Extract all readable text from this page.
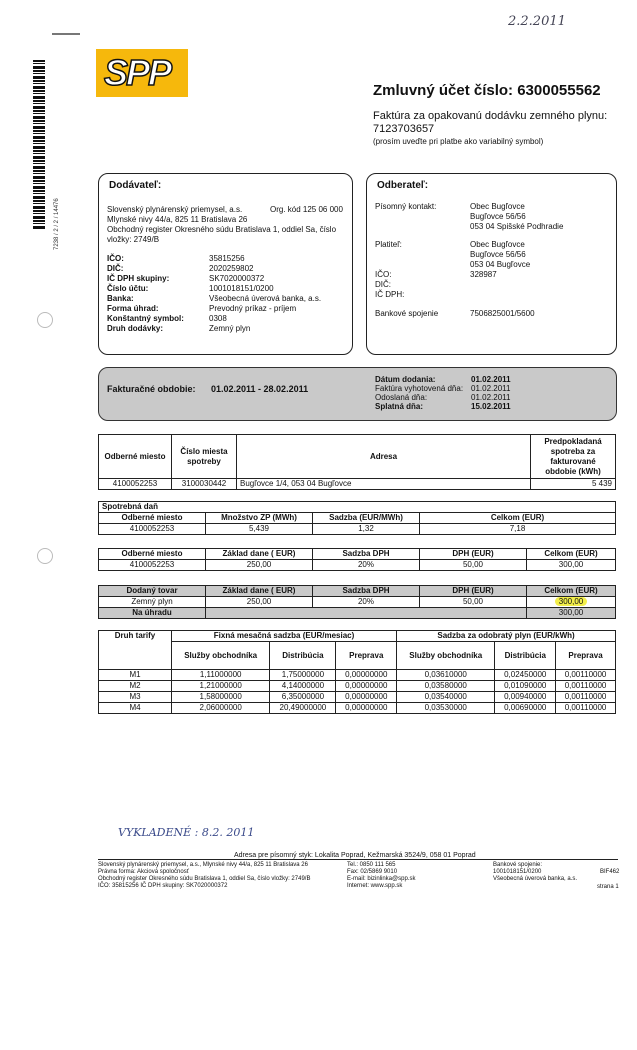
2.2.2011
7238 / 2 / 2 / 14476
SPP	Zmluvný účet číslo: 6300055562
Faktúra za opakovanú dodávku zemného plynu: 7123703657
(prosím uveďte pri platbe ako variabilný symbol)
Dodávateľ:
Slovenský plynárenský priemysel, a.s.	Org. kód 125 06 000
Mlynské nivy 44/a, 825 11 Bratislava 26
Obchodný register Okresného súdu Bratislava 1, oddiel Sa, číslo vložky: 2749/B
IČO:	35815256
DIČ:	2020259802
IČ DPH skupiny:	SK7020000372
Číslo účtu:	1001018151/0200
Banka:	Všeobecná úverová banka, a.s.
Forma úhrad:	Prevodný príkaz - príjem
Konštantný symbol:	0308
Druh dodávky:	Zemný plyn
Odberateľ:
Písomný kontakt:	Obec Bugľovce
Bugľovce 56/56
053 04 Spišské Podhradie
Platiteľ:	Obec Bugľovce
Bugľovce 56/56
053 04 Bugľovce
IČO:	328987
DIČ:
IČ DPH:
Bankové spojenie	7506825001/5600
Fakturačné obdobie: 01.02.2011 - 28.02.2011
Dátum dodania:	01.02.2011
Faktúra vyhotovená dňa: 01.02.2011
Odoslaná dňa:	01.02.2011
Splatná dňa:	15.02.2011
Odberné miesto	Číslo miesta spotreby	Adresa	Predpokladaná spotreba za fakturované obdobie (kWh)
4100052253	3100030442	Bugľovce 1/4, 053 04 Bugľovce	5 439
Spotrebná daň			
Odberné miesto	Množstvo ZP (MWh)	Sadzba (EUR/MWh)	Celkom (EUR)
4100052253	5,439	1,32	7,18
Odberné miesto	Základ dane ( EUR)	Sadzba DPH	DPH (EUR)	Celkom (EUR)
4100052253	250,00	20%	50,00	300,00
Dodaný tovar	Základ dane ( EUR)	Sadzba DPH	DPH (EUR)	Celkom (EUR)
Zemný plyn	250,00	20%	50,00	300,00
Na úhradu				300,00
Druh tarify	Fixná mesačná sadzba (EUR/mesiac)			Sadzba za odobratý plyn (EUR/kWh)		
	Služby obchodníka	Distribúcia	Preprava	Služby obchodníka	Distribúcia	Preprava
M1	1,11000000	1,75000000	0,00000000	0,03610000	0,02450000	0,00110000
M2	1,21000000	4,14000000	0,00000000	0,03580000	0,01090000	0,00110000
M3	1,58000000	6,35000000	0,00000000	0,03540000	0,00940000	0,00110000
M4	2,06000000	20,49000000	0,00000000	0,03530000	0,00690000	0,00110000
VYKLADENÉ : 8.2. 2011
Adresa pre písomný styk: Lokalita Poprad, Kežmarská 3524/9, 058 01 Poprad
Slovenský plynárenský priemysel, a.s., Mlynské nivy 44/a, 825 11 Bratislava 26
Právna forma: Akciová spoločnosť
Obchodný register Okresného súdu Bratislava 1, oddiel Sa, číslo vložky: 2749/B
IČO: 35815256 IČ DPH skupiny: SK7020000372
Tel.: 0850 111 565
Fax: 02/5869 9010
E-mail: bizinlinka@spp.sk
Internet: www.spp.sk
Bankové spojenie:
1001018151/0200
Všeobecná úverová banka, a.s.
BIF462
strana 1
